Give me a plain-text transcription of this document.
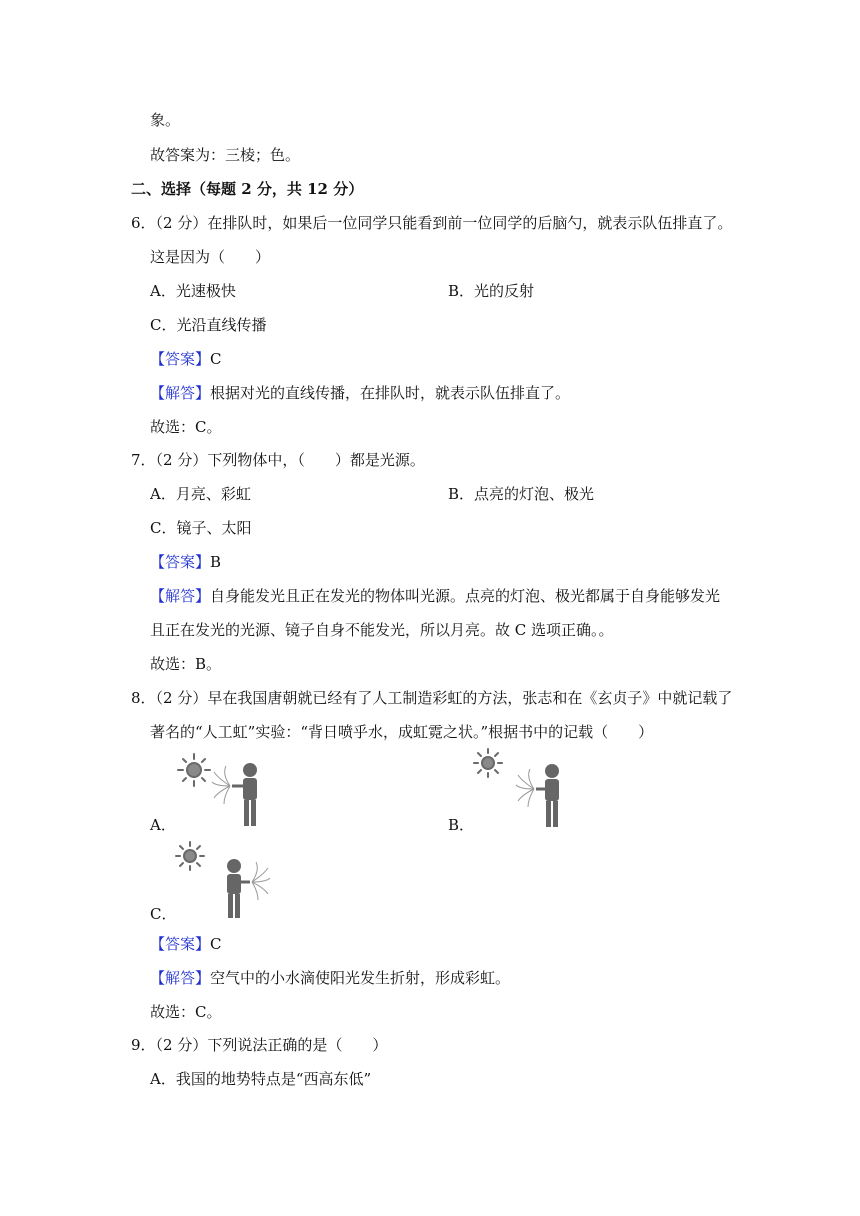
象。
故答案为：三棱；色。
二、选择（每题 2 分，共 12 分）
6．（2 分）在排队时，如果后一位同学只能看到前一位同学的后脑勺，就表示队伍排直了。
这是因为（　　）
A．光速极快	B．光的反射
C．光沿直线传播
【答案】C
【解答】根据对光的直线传播，在排队时，就表示队伍排直了。
故选：C。
7．（2 分）下列物体中，（　　）都是光源。
A．月亮、彩虹	B．点亮的灯泡、极光
C．镜子、太阳
【答案】B
【解答】自身能发光且正在发光的物体叫光源。点亮的灯泡、极光都属于自身能够发光
且正在发光的光源、镜子自身不能发光，所以月亮。故 C 选项正确。。
故选：B。
8．（2 分）早在我国唐朝就已经有了人工制造彩虹的方法，张志和在《玄贞子》中就记载了
著名的“人工虹”实验：“背日喷乎水，成虹霓之状。”根据书中的记载（　　）
A．	B．
C．
【答案】C
【解答】空气中的小水滴使阳光发生折射，形成彩虹。
故选：C。
9．（2 分）下列说法正确的是（　　）
A．我国的地势特点是“西高东低”
